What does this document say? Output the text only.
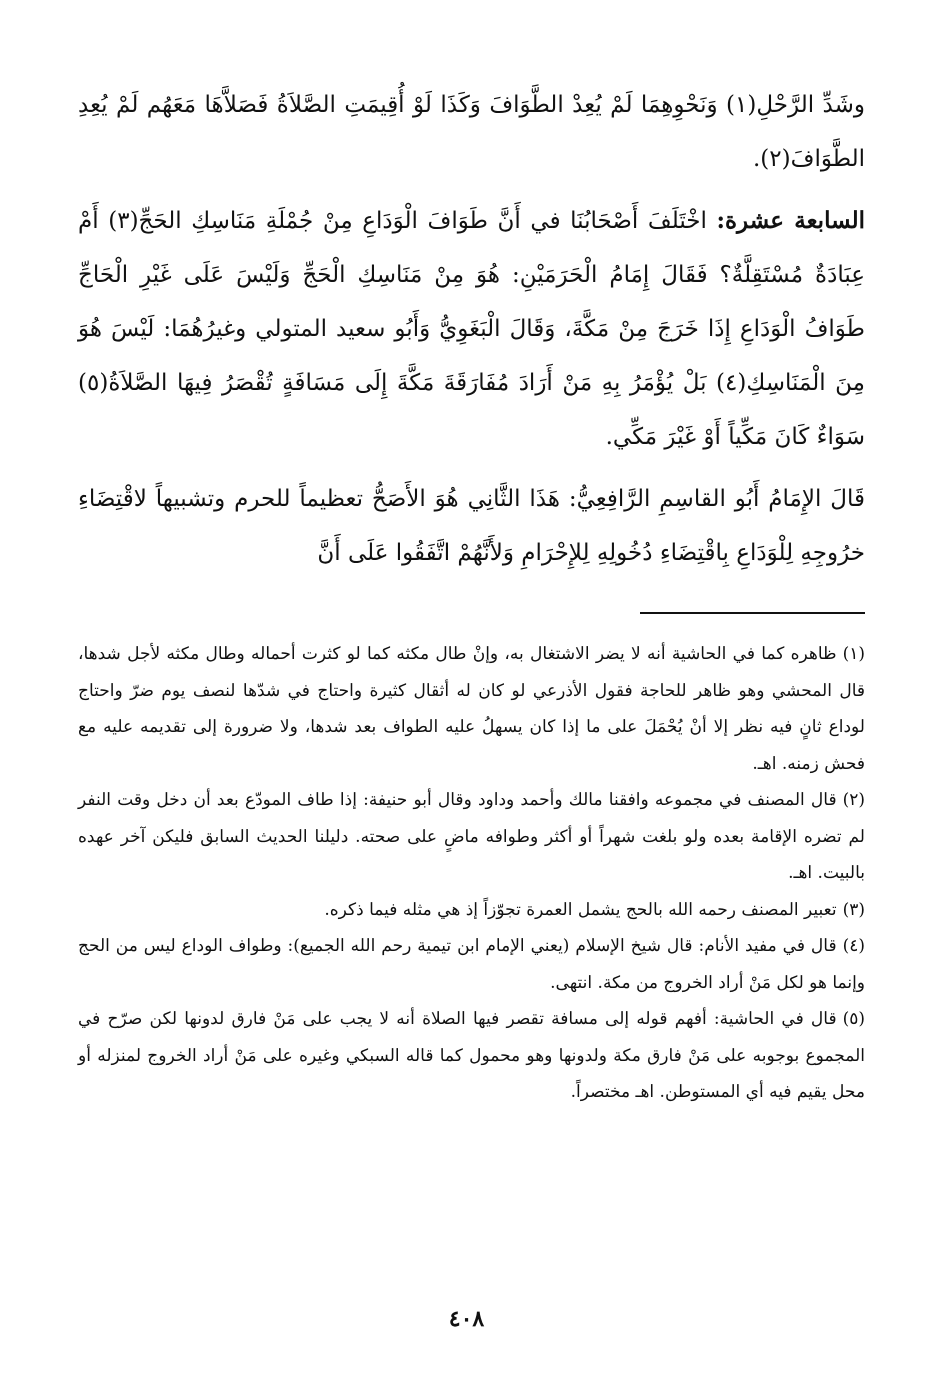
وشَدِّ الرَّحْلِ(١) وَنَحْوِهِمَا لَمْ يُعِدْ الطَّوَافَ وَكَذَا لَوْ أُقِيمَتِ الصَّلاَةُ فَصَلاَّهَا مَعَهُم لَمْ يُعِدِ الطَّوَافَ(٢).

السابعة عشرة: اخْتَلَفَ أَصْحَابُنَا في أَنَّ طَوَافَ الْوَدَاعِ مِنْ جُمْلَةِ مَنَاسِكِ الحَجِّ(٣) أَمْ عِبَادَةٌ مُسْتَقِلَّةٌ؟ فَقَالَ إِمَامُ الْحَرَمَيْنِ: هُوَ مِنْ مَنَاسِكِ الْحَجِّ وَلَيْسَ عَلَى غَيْرِ الْحَاجِّ طَوَافُ الْوَدَاعِ إِذَا خَرَجَ مِنْ مَكَّةَ، وَقَالَ الْبَغَوِيُّ وَأَبُو سعيد المتولي وغيرُهُمَا: لَيْسَ هُوَ مِنَ الْمَنَاسِكِ(٤) بَلْ يُؤْمَرُ بِهِ مَنْ أَرَادَ مُفَارَقَةَ مَكَّةَ إِلَى مَسَافَةٍ تُقْصَرُ فِيهَا الصَّلاَةُ(٥) سَوَاءٌ كَانَ مَكِّياً أَوْ غَيْرَ مَكِّي.

قَالَ الإِمَامُ أَبُو القاسِمِ الرَّافِعِيُّ: هَذَا الثَّانِي هُوَ الأَصَحُّ تعظيماً للحرم وتشبيهاً لاقْتِضَاءِ خرُوجِهِ لِلْوَدَاعِ بِاقْتِضَاءِ دُخُولِهِ لِلإِحْرَامِ وَلأَنَّهُمْ اتَّفَقُوا عَلَى أَنَّ

(١)ظاهره كما في الحاشية أنه لا يضر الاشتغال به، وإنْ طال مكثه كما لو كثرت أحماله وطال مكثه لأجل شدها، قال المحشي وهو ظاهر للحاجة فقول الأذرعي لو كان له أثقال كثيرة واحتاج في شدّها لنصف يوم ضرّ واحتاج لوداع ثانٍ فيه نظر إلا أنْ يُحْمَلَ على ما إذا كان يسهلُ عليه الطواف بعد شدها، ولا ضرورة إلى تقديمه عليه مع فحش زمنه. اهـ.

(٢)قال المصنف في مجموعه وافقنا مالك وأحمد وداود وقال أبو حنيفة: إذا طاف المودّع بعد أن دخل وقت النفر لم تضره الإقامة بعده ولو بلغت شهراً أو أكثر وطوافه ماضٍ على صحته. دليلنا الحديث السابق فليكن آخر عهده بالبيت. اهـ.

(٣)تعبير المصنف رحمه الله بالحج يشمل العمرة تجوّزاً إذ هي مثله فيما ذكره.

(٤)قال في مفيد الأنام: قال شيخ الإسلام (يعني الإمام ابن تيمية رحم الله الجميع): وطواف الوداع ليس من الحج وإنما هو لكل مَنْ أراد الخروج من مكة. انتهى.

(٥)قال في الحاشية: أفهم قوله إلى مسافة تقصر فيها الصلاة أنه لا يجب على مَنْ فارق لدونها لكن صرّح في المجموع بوجوبه على مَنْ فارق مكة ولدونها وهو محمول كما قاله السبكي وغيره على مَنْ أراد الخروج لمنزله أو محل يقيم فيه أي المستوطن. اهـ مختصراً.

٤٠٨
